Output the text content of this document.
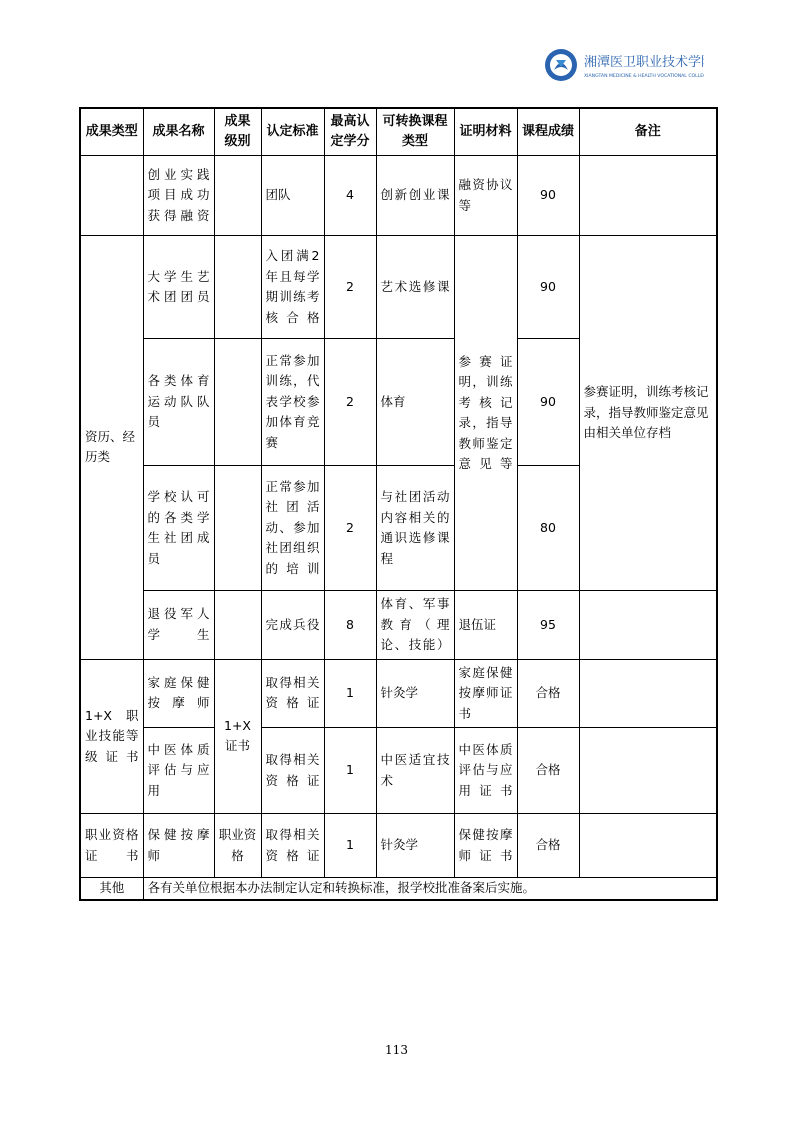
湘潭医卫职业技术学院
XIANGTAN MEDICINE & HEALTH VOCATIONAL COLLEGE
成果类型	成果名称	成果级别	认定标准	最高认定学分	可转换课程类型	证明材料	课程成绩	备注
	创业实践项目成功获得融资		团队	4	创新创业课	融资协议等	90	
资历、经历类	大学生艺术团团员		入团满2年且每学期训练考核合格	2	艺术选修课	参赛证明，训练考核记录，指导教师鉴定意见等	90	参赛证明，训练考核记录，指导教师鉴定意见由相关单位存档
	各类体育运动队队员		正常参加训练，代表学校参加体育竞赛	2	体育		90	
	学校认可的各类学生社团成员		正常参加社团活动、参加社团组织的培训	2	与社团活动内容相关的通识选修课程		80	
	退役军人学生		完成兵役	8	体育、军事教育（理论、技能）	退伍证	95	
1+X 职业技能等级证书	家庭保健按摩师	1+X证书	取得相关资格证	1	针灸学	家庭保健按摩师证书	合格	
	中医体质评估与应用		取得相关资格证	1	中医适宜技术	中医体质评估与应用证书	合格	
职业资格证书	保健按摩师	职业资格	取得相关资格证	1	针灸学	保健按摩师证书	合格	
其他	各有关单位根据本办法制定认定和转换标准，报学校批准备案后实施。							
113
